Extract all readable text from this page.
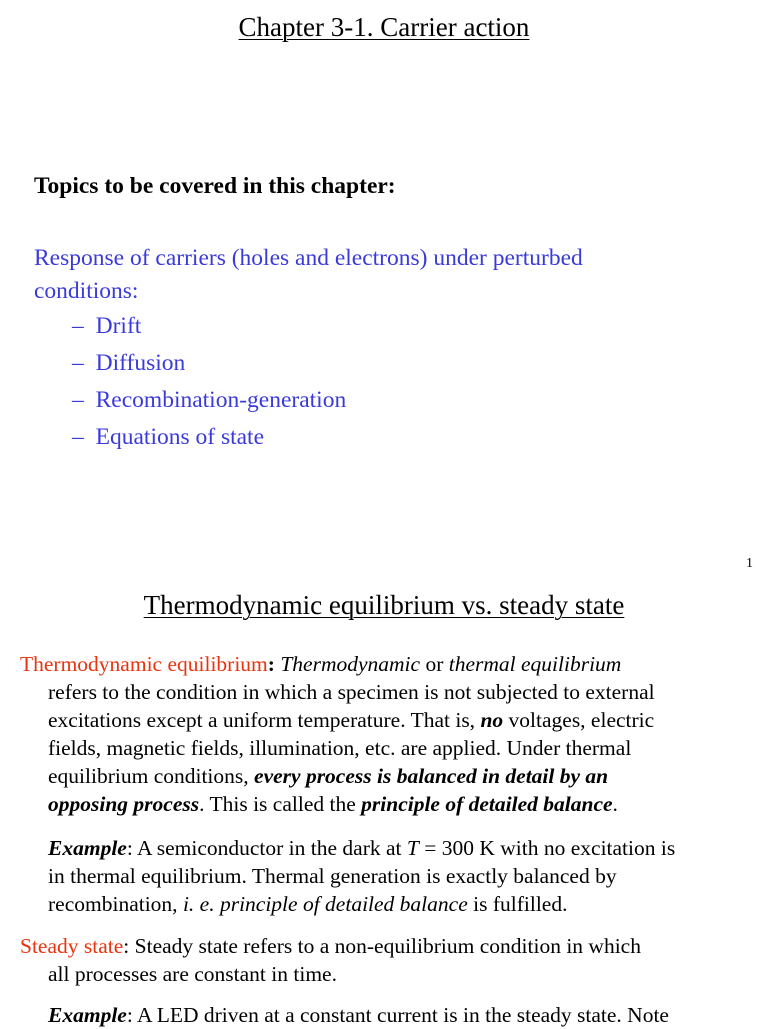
Chapter 3-1. Carrier action
Topics to be covered in this chapter:
Response of carriers (holes and electrons) under perturbed
conditions:
– Drift
– Diffusion
– Recombination-generation
– Equations of state
1
Thermodynamic equilibrium vs. steady state
Thermodynamic equilibrium: Thermodynamic or thermal equilibrium
refers to the condition in which a specimen is not subjected to external
excitations except a uniform temperature. That is, no voltages, electric
fields, magnetic fields, illumination, etc. are applied. Under thermal
equilibrium conditions, every process is balanced in detail by an
opposing process. This is called the principle of detailed balance.
Example: A semiconductor in the dark at T = 300 K with no excitation is
in thermal equilibrium. Thermal generation is exactly balanced by
recombination, i. e. principle of detailed balance is fulfilled.
Steady state: Steady state refers to a non-equilibrium condition in which
all processes are constant in time.
Example: A LED driven at a constant current is in the steady state. Note
